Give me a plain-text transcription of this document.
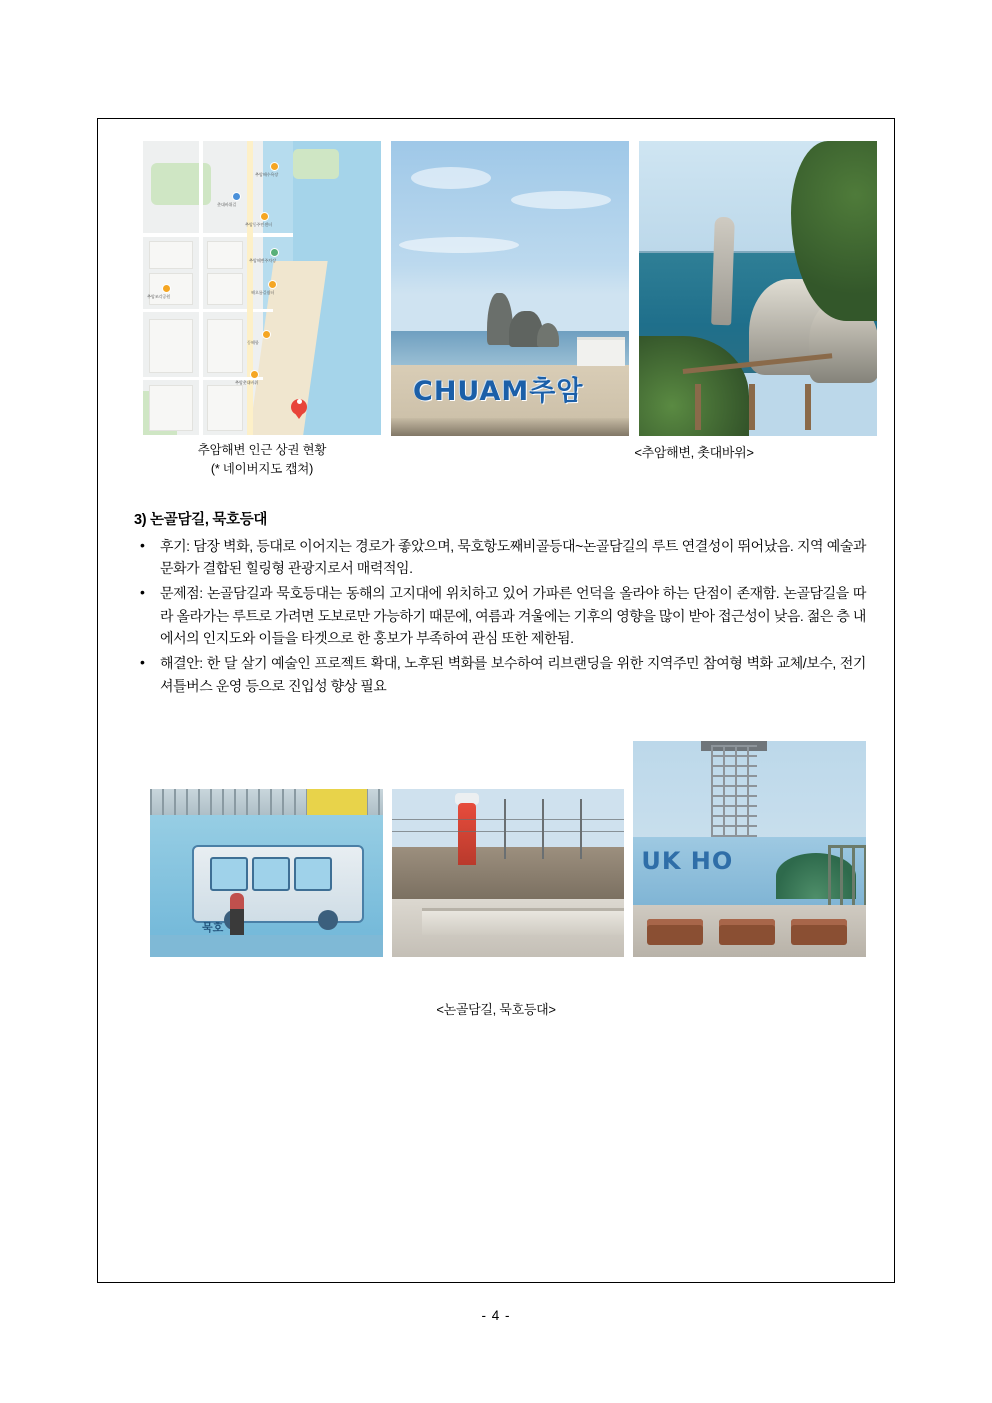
추암해수욕장
촛대바위길
추암동주민센터
추암해변주차장
해오름길쉼터
추암조각공원
동해항
추암촛대바위
추암해변 인근 상권 현황
(* 네이버지도 캡쳐)
CHUAM추암
<추암해변, 촛대바위>
3) 논골담길, 묵호등대
• 후기: 담장 벽화, 등대로 이어지는 경로가 좋았으며, 묵호항도째비골등대~논골담길의 루트 연결성이 뛰어났음. 지역 예술과 문화가 결합된 힐링형 관광지로서 매력적임.
• 문제점: 논골담길과 묵호등대는 동해의 고지대에 위치하고 있어 가파른 언덕을 올라야 하는 단점이 존재함. 논골담길을 따라 올라가는 루트로 가려면 도보로만 가능하기 때문에, 여름과 겨울에는 기후의 영향을 많이 받아 접근성이 낮음. 젊은 층 내에서의 인지도와 이들을 타겟으로 한 홍보가 부족하여 관심 또한 제한됨.
• 해결안: 한 달 살기 예술인 프로젝트 확대, 노후된 벽화를 보수하여 리브랜딩을 위한 지역주민 참여형 벽화 교체/보수, 전기셔틀버스 운영 등으로 진입성 향상 필요
묵호
UK HO
<논골담길, 묵호등대>
- 4 -
